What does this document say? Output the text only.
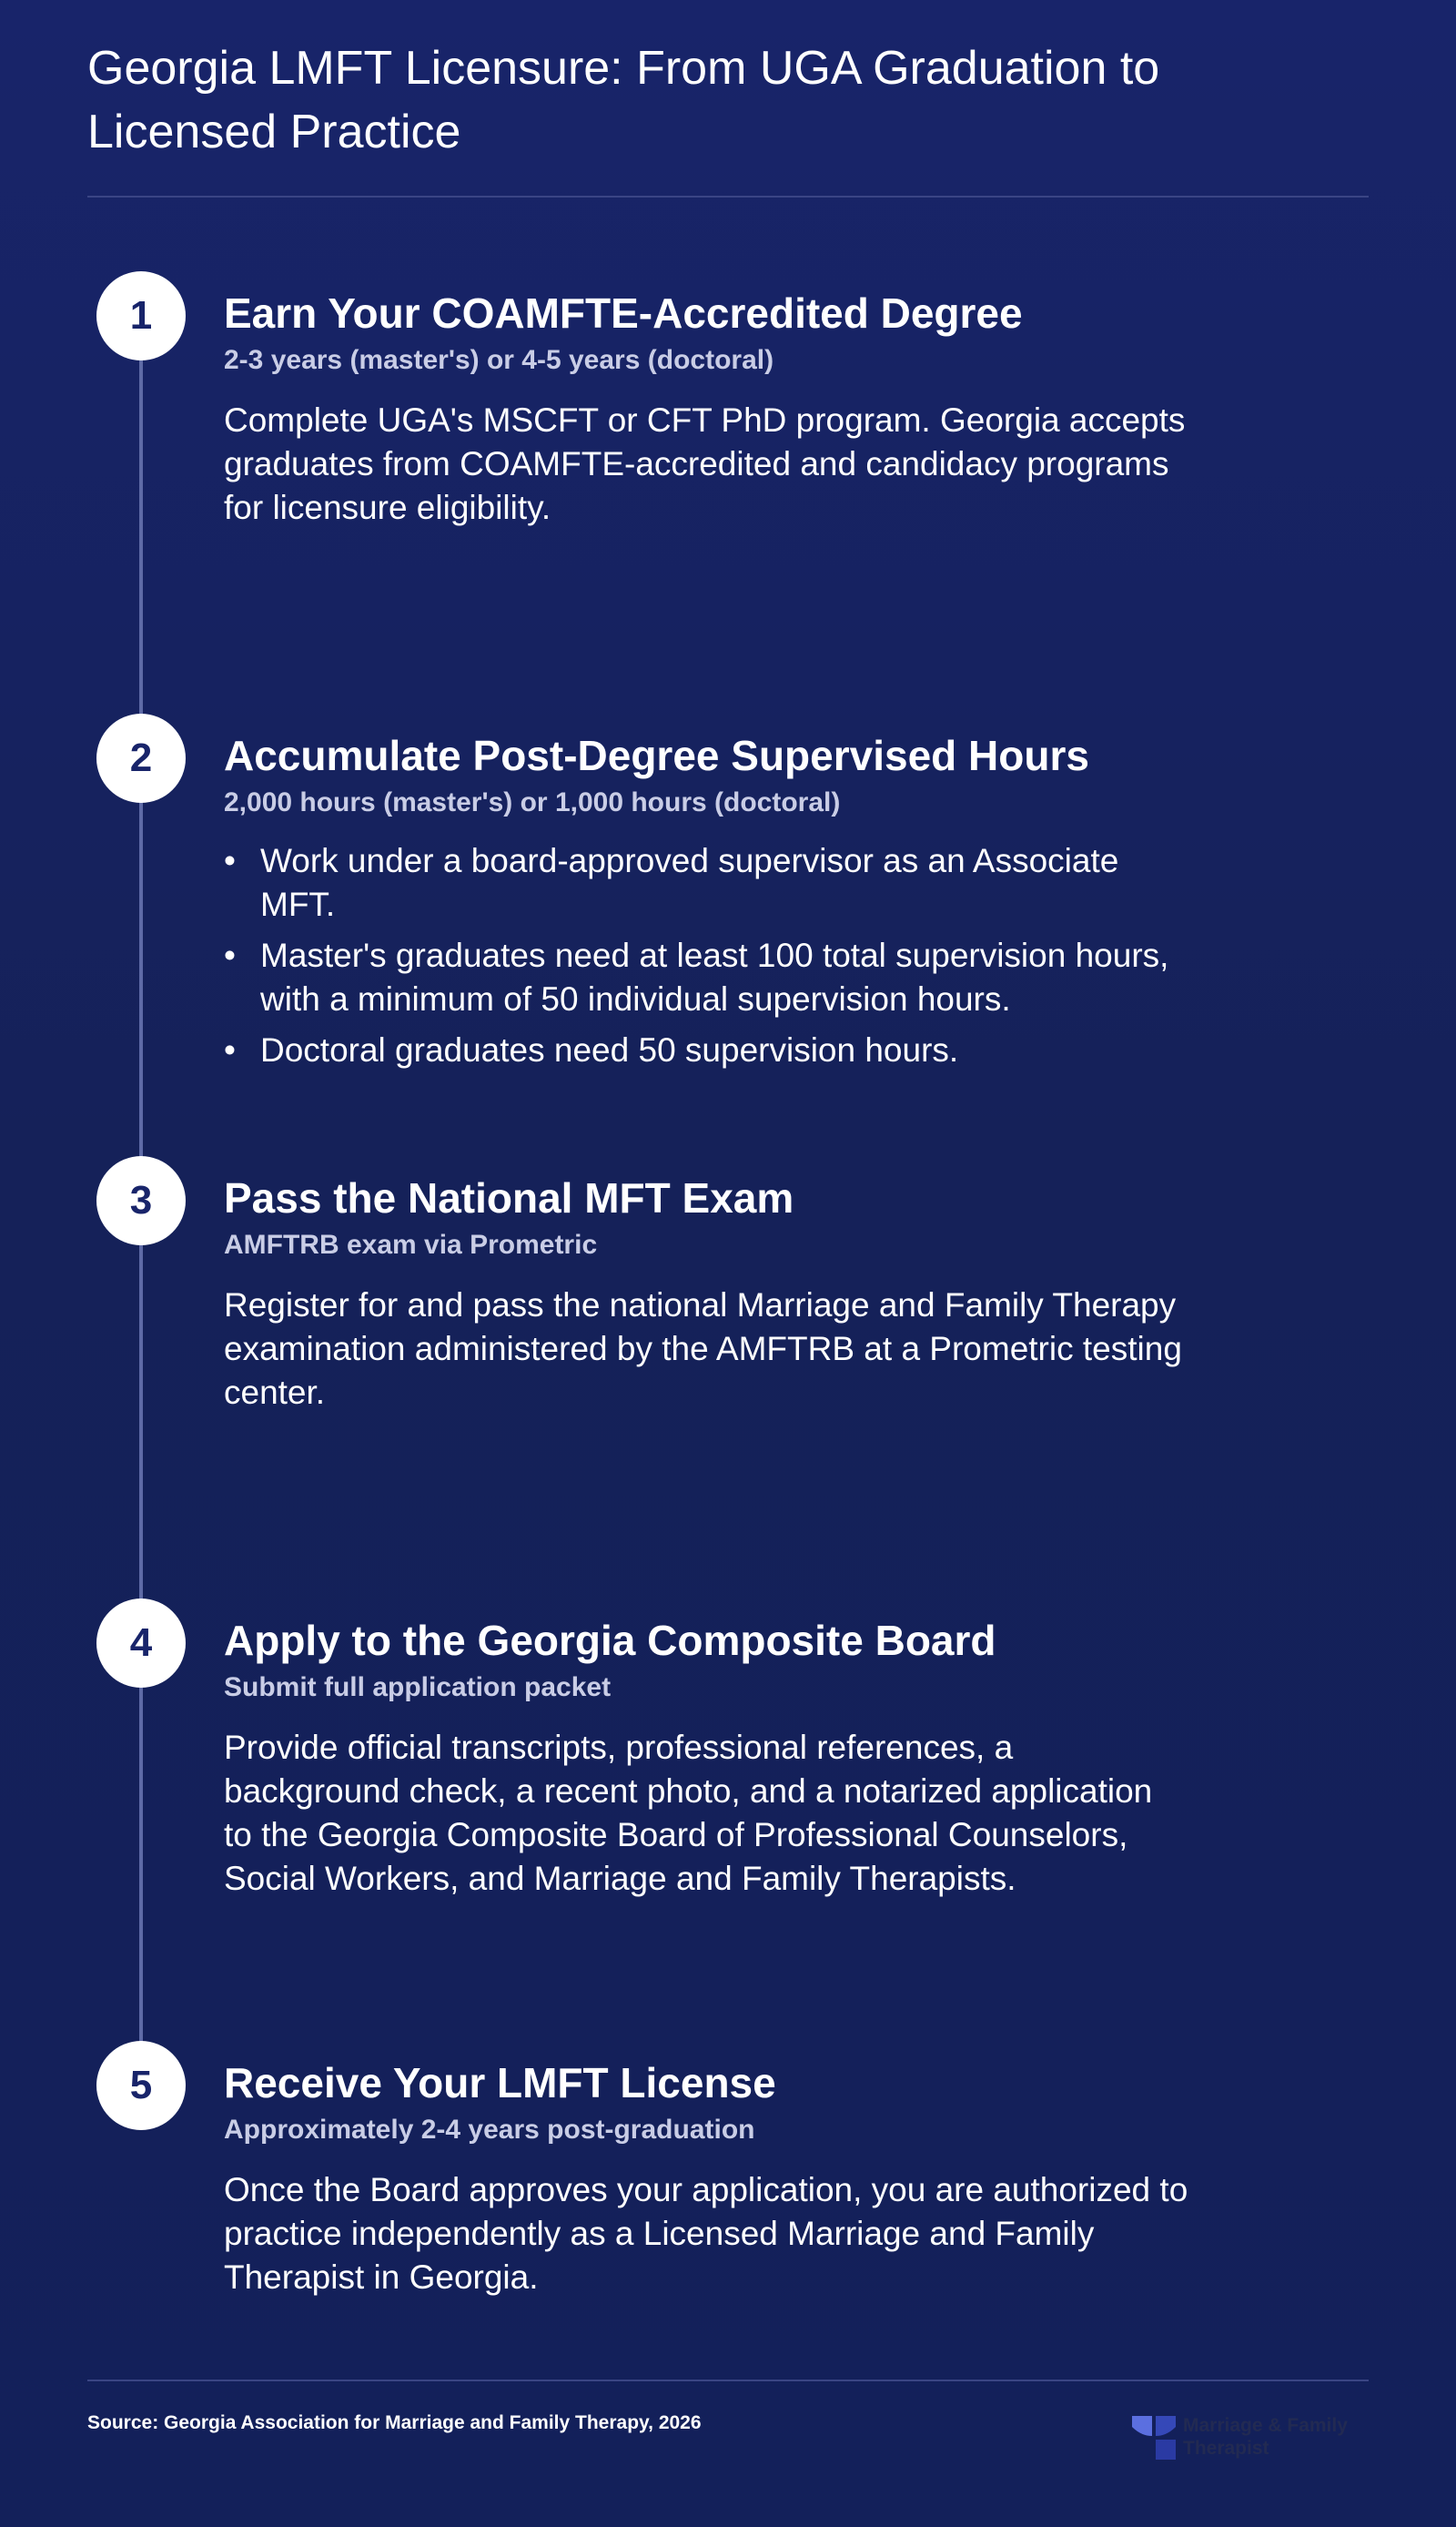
Georgia LMFT Licensure: From UGA Graduation to Licensed Practice
1	Earn Your COAMFTE-Accredited Degree

2-3 years (master's) or 4-5 years (doctoral)

Complete UGA's MSCFT or CFT PhD program. Georgia accepts graduates from COAMFTE-accredited and candidacy programs for licensure eligibility.

2	Accumulate Post-Degree Supervised Hours

2,000 hours (master's) or 1,000 hours (doctoral)

• Work under a board-approved supervisor as an Associate MFT.
• Master's graduates need at least 100 total supervision hours, with a minimum of 50 individual supervision hours.
• Doctoral graduates need 50 supervision hours.
3	Pass the National MFT Exam

AMFTRB exam via Prometric

Register for and pass the national Marriage and Family Therapy examination administered by the AMFTRB at a Prometric testing center.

4	Apply to the Georgia Composite Board

Submit full application packet

Provide official transcripts, professional references, a background check, a recent photo, and a notarized application to the Georgia Composite Board of Professional Counselors, Social Workers, and Marriage and Family Therapists.

5	Receive Your LMFT License

Approximately 2-4 years post-graduation

Once the Board approves your application, you are authorized to practice independently as a Licensed Marriage and Family Therapist in Georgia.

Source: Georgia Association for Marriage and Family Therapy, 2026	Marriage & Family Therapist
